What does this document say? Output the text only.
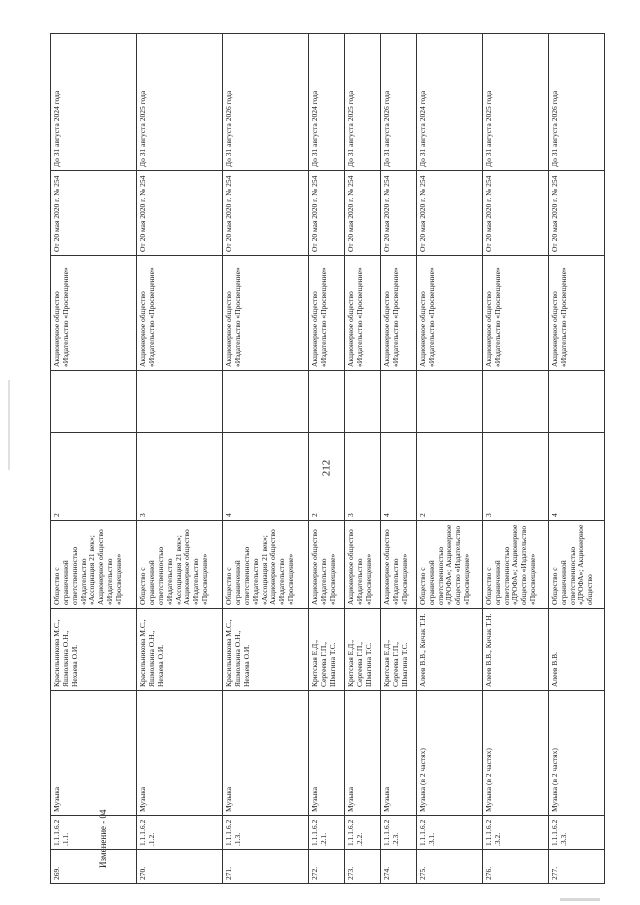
212
Изменение - 04
269.	1.1.1.6.2.1.1.	Музыка	Красильникова М.С., Яшмолкина О.Н., Нехаева О.И.	Общество с ограниченной ответственностью «Издательство «Ассоциация 21 век»; Акционерное общество «Издательство «Просвещение»	2		Акционерное общество «Издательство «Просвещение»	От 20 мая 2020 г. № 254	До 31 августа 2024 года
270.	1.1.1.6.2.1.2.	Музыка	Красильникова М.С., Яшмолкина О.Н., Нехаева О.И.	Общество с ограниченной ответственностью «Издательство «Ассоциация 21 век»; Акционерное общество «Издательство «Просвещение»	3		Акционерное общество «Издательство «Просвещение»	От 20 мая 2020 г. № 254	До 31 августа 2025 года
271.	1.1.1.6.2.1.3.	Музыка	Красильникова М.С., Яшмолкина О.Н., Нехаева О.И.	Общество с ограниченной ответственностью «Издательство «Ассоциация 21 век»; Акционерное общество «Издательство «Просвещение»	4		Акционерное общество «Издательство «Просвещение»	От 20 мая 2020 г. № 254	До 31 августа 2026 года
272.	1.1.1.6.2.2.1.	Музыка	Критская Е.Д., Сергеева Г.П., Шмагина Т.С.	Акционерное общество «Издательство «Просвещение»	2		Акционерное общество «Издательство «Просвещение»	От 20 мая 2020 г. № 254	До 31 августа 2024 года
273.	1.1.1.6.2.2.2.	Музыка	Критская Е.Д., Сергеева Г.П., Шмагина Т.С.	Акционерное общество «Издательство «Просвещение»	3		Акционерное общество «Издательство «Просвещение»	От 20 мая 2020 г. № 254	До 31 августа 2025 года
274.	1.1.1.6.2.2.3.	Музыка	Критская Е.Д., Сергеева Г.П., Шмагина Т.С.	Акционерное общество «Издательство «Просвещение»	4		Акционерное общество «Издательство «Просвещение»	От 20 мая 2020 г. № 254	До 31 августа 2026 года
275.	1.1.1.6.2.3.1.	Музыка (в 2 частях)	Алеев В.В., Кичак Т.Н.	Общество с ограниченной ответственностью «ДРОФА»; Акционерное общество «Издательство «Просвещение»	2		Акционерное общество «Издательство «Просвещение»	От 20 мая 2020 г. № 254	До 31 августа 2024 года
276.	1.1.1.6.2.3.2.	Музыка (в 2 частях)	Алеев В.В., Кичак Т.Н.	Общество с ограниченной ответственностью «ДРОФА»; Акционерное общество «Издательство «Просвещение»	3		Акционерное общество «Издательство «Просвещение»	От 20 мая 2020 г. № 254	До 31 августа 2025 года
277.	1.1.1.6.2.3.3.	Музыка (в 2 частях)	Алеев В.В.	Общество с ограниченной ответственностью «ДРОФА»; Акционерное общество	4		Акционерное общество «Издательство «Просвещение»	От 20 мая 2020 г. № 254	До 31 августа 2026 года
